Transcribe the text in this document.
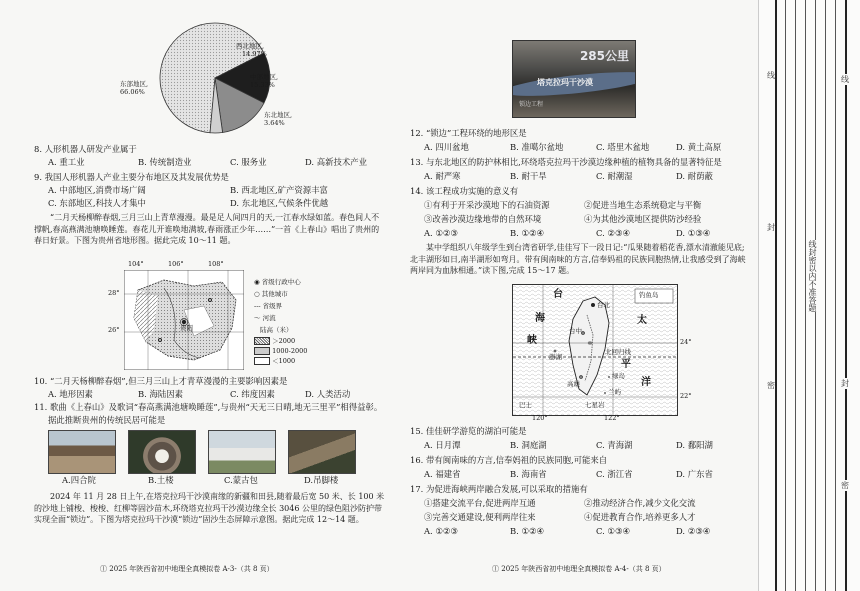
西北地区,
14.97%
中部地区,
15.33%
东北地区,
3.64%
东部地区,
66.06%
8. 人形机器人研发产业属于
A. 重工业	B. 传统制造业	C. 服务业	D. 高新技术产业
9. 我国人形机器人产业主要分布地区及其发展优势是
A. 中部地区,消费市场广阔	B. 西北地区,矿产资源丰富
C. 东部地区,科技人才集中	D. 东北地区,气候条件优越
“二月天杨柳醉春烟,三月三山上青草漫漫。最是足人间四月的天,一江春水绿如蓝。春色间人不撑帆,春高燕满池塘唤睡莲。春花儿开谁唤地满坡,春雨涨正少年……”一首《上春山》唱出了贵州的春日好景。下图为贵州省地形图。据此完成 10～11 题。
104°	106°	108°
28°
26°	贵阳
◉ 省级行政中心
○ 其他城市
‐‐‐ 省级界
〜 河流
陆高（米）
＞2000
1000-2000
＜1000
10. “二月天杨柳醉春烟”,但三月三山上才青草漫漫的主要影响因素是
A. 地形因素	B. 海陆因素	C. 纬度因素	D. 人类活动
11. 歌曲《上春山》及歌词“春高燕满池塘唤睡莲”,与贵州“天无三日晴,地无三里平”相得益彰。
据此推断贵州的传统民居可能是
A.四合院	B.土楼	C.蒙古包	D.吊脚楼
2024 年 11 月 28 日上午,在塔克拉玛干沙漠南缘的新疆和田县,随着最后宽 50 米、长 100 米的沙地上铺梭、梭梭、红柳等固沙苗木,环绕塔克拉玛干沙漠边缘全长 3046 公里的绿色阻沙防护带实现全面“锁边”。下图为塔克拉玛干沙漠“锁边”固沙生态屏障示意图。据此完成 12～14 题。
ⓛ 2025 年陕西省初中地理全真模拟卷 A-3-（共 8 页）
285公里
塔克拉玛干沙漠
锁边工程
12. “锁边”工程环绕的地形区是
A. 四川盆地	B. 准噶尔盆地	C. 塔里木盆地	D. 黄土高原
13. 与东北地区的防护林相比,环绕塔克拉玛干沙漠边缘种植的植物具备的显著特征是
A. 耐严寒	B. 耐干旱	C. 耐潮湿	D. 耐荫蔽
14. 该工程成功实施的意义有
①有利于开采沙漠地下的石油资源	②促进当地生态系统稳定与平衡
③改善沙漠边缘地带的自然环境	④为其他沙漠地区提供防沙经验
A. ①②③	B. ①②④	C. ②③④	D. ①③④
某中学组织八年级学生到台湾省研学,佳佳写下一段日记:“瓜果随着稻花香,漂水清澈能见底;北丰湖形如日,南半湖形如弯月。带有闽南味的方言,信奉妈祖的民族同胞热情,让我感受到了海峡两岸同为血脉相通。”读下图,完成 15～17 题。
钓鱼岛
台
海
峡
太
平
洋
台北
台中
北回归线
澎湖
高雄
绿岛
兰屿
巴士	七星岩
24°
22°
120°	122°
15. 佳佳研学游览的湖泊可能是
A. 日月潭	B. 洞庭湖	C. 青海湖	D. 鄱阳湖
16. 带有闽南味的方言,信奉妈祖的民族同胞,可能来自
A. 福建省	B. 海南省	C. 浙江省	D. 广东省
17. 为促进海峡两岸融合发展,可以采取的措施有
①搭建交流平台,促进两岸互通	②推动经济合作,减少文化交流
③完善交通建设,便利两岸往来	④促进教育合作,培养更多人才
A. ①②③	B. ①②④	C. ①③④	D. ②③④
ⓛ 2025 年陕西省初中地理全真模拟卷 A-4-（共 8 页）
线
封
密
线封密以内不准答题
线
封
密
